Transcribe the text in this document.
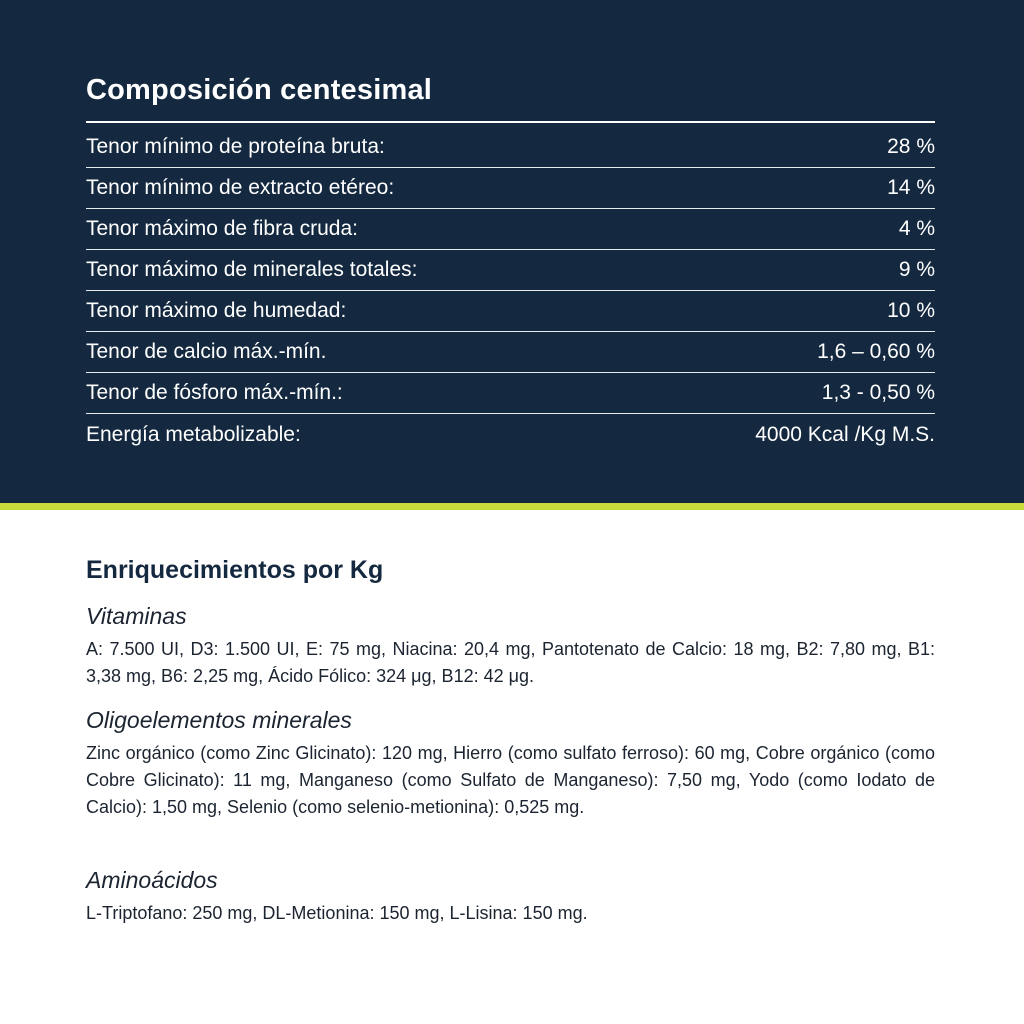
Composición centesimal
Tenor mínimo de proteína bruta:	28 %
Tenor mínimo de extracto etéreo:	14 %
Tenor máximo de fibra cruda:	4 %
Tenor máximo de minerales totales:	9 %
Tenor máximo de humedad:	10 %
Tenor de calcio máx.-mín.	1,6 – 0,60 %
Tenor de fósforo máx.-mín.:	1,3 - 0,50 %
Energía metabolizable:	4000 Kcal /Kg M.S.
Enriquecimientos por Kg

Vitaminas

A: 7.500 UI, D3: 1.500 UI, E: 75 mg, Niacina: 20,4 mg, Pantotenato de Calcio: 18 mg, B2: 7,80 mg, B1: 3,38 mg, B6: 2,25 mg, Ácido Fólico: 324 μg, B12: 42 μg.

Oligoelementos minerales

Zinc orgánico (como Zinc Glicinato): 120 mg, Hierro (como sulfato ferroso): 60 mg, Cobre orgánico (como Cobre Glicinato): 11 mg, Manganeso (como Sulfato de Manganeso): 7,50 mg, Yodo (como Iodato de Calcio): 1,50 mg, Selenio (como selenio-metionina): 0,525 mg.

Aminoácidos

L-Triptofano: 250 mg, DL-Metionina: 150 mg, L-Lisina: 150 mg.
